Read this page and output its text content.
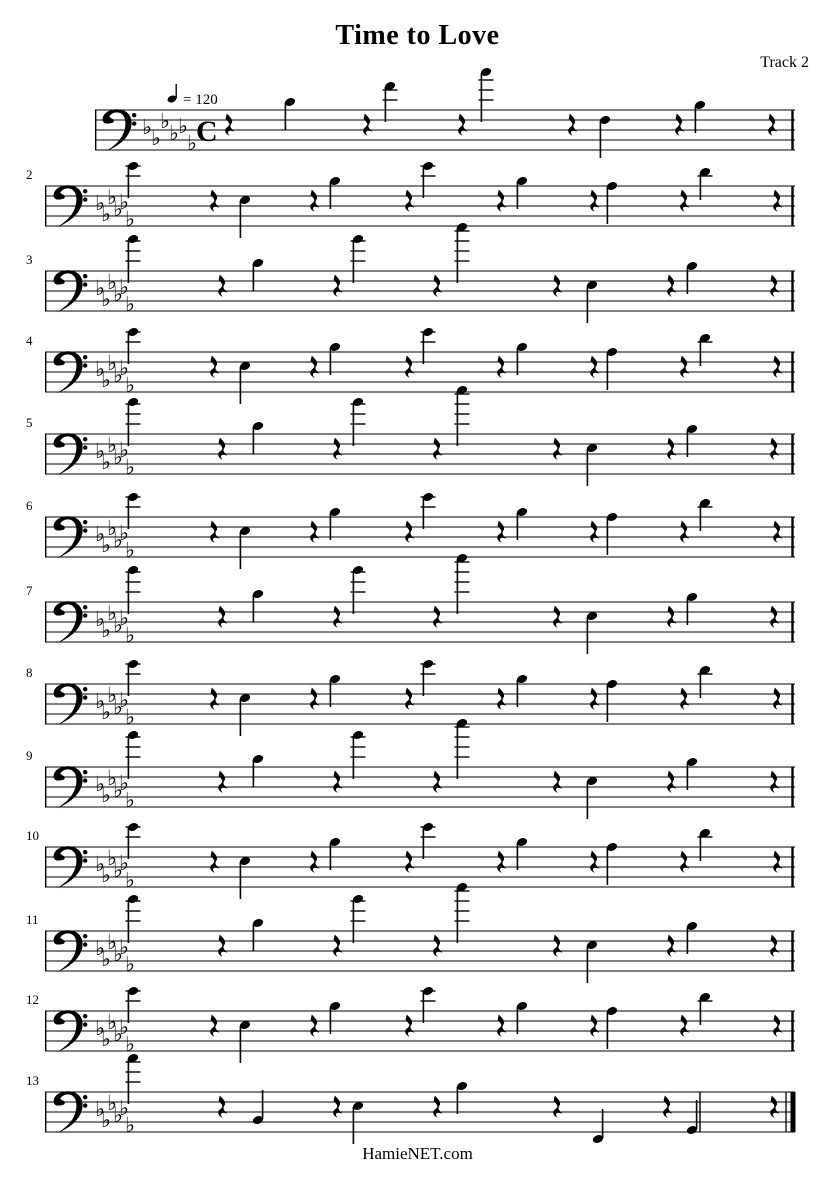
Time to Love
Track 2
♭ ♭
♭ ♭ ♭
♭ C
= 120
2
♭
♭
♭
♭
♭
♭
3
♭
♭
♭
♭
♭
♭
4
♭
♭
♭
♭
♭
♭
5
♭
♭
♭
♭
♭
♭
6
♭
♭
♭
♭
♭
♭
7
♭
♭
♭
♭
♭
♭
8
♭
♭
♭
♭
♭
♭
9
♭
♭
♭
♭
♭
♭
10
♭
♭
♭
♭
♭
♭
11
♭
♭
♭
♭
♭
♭
12
♭
♭
♭
♭
♭
♭
13
♭
♭
♭
♭
♭
♭
HamieNET.com
